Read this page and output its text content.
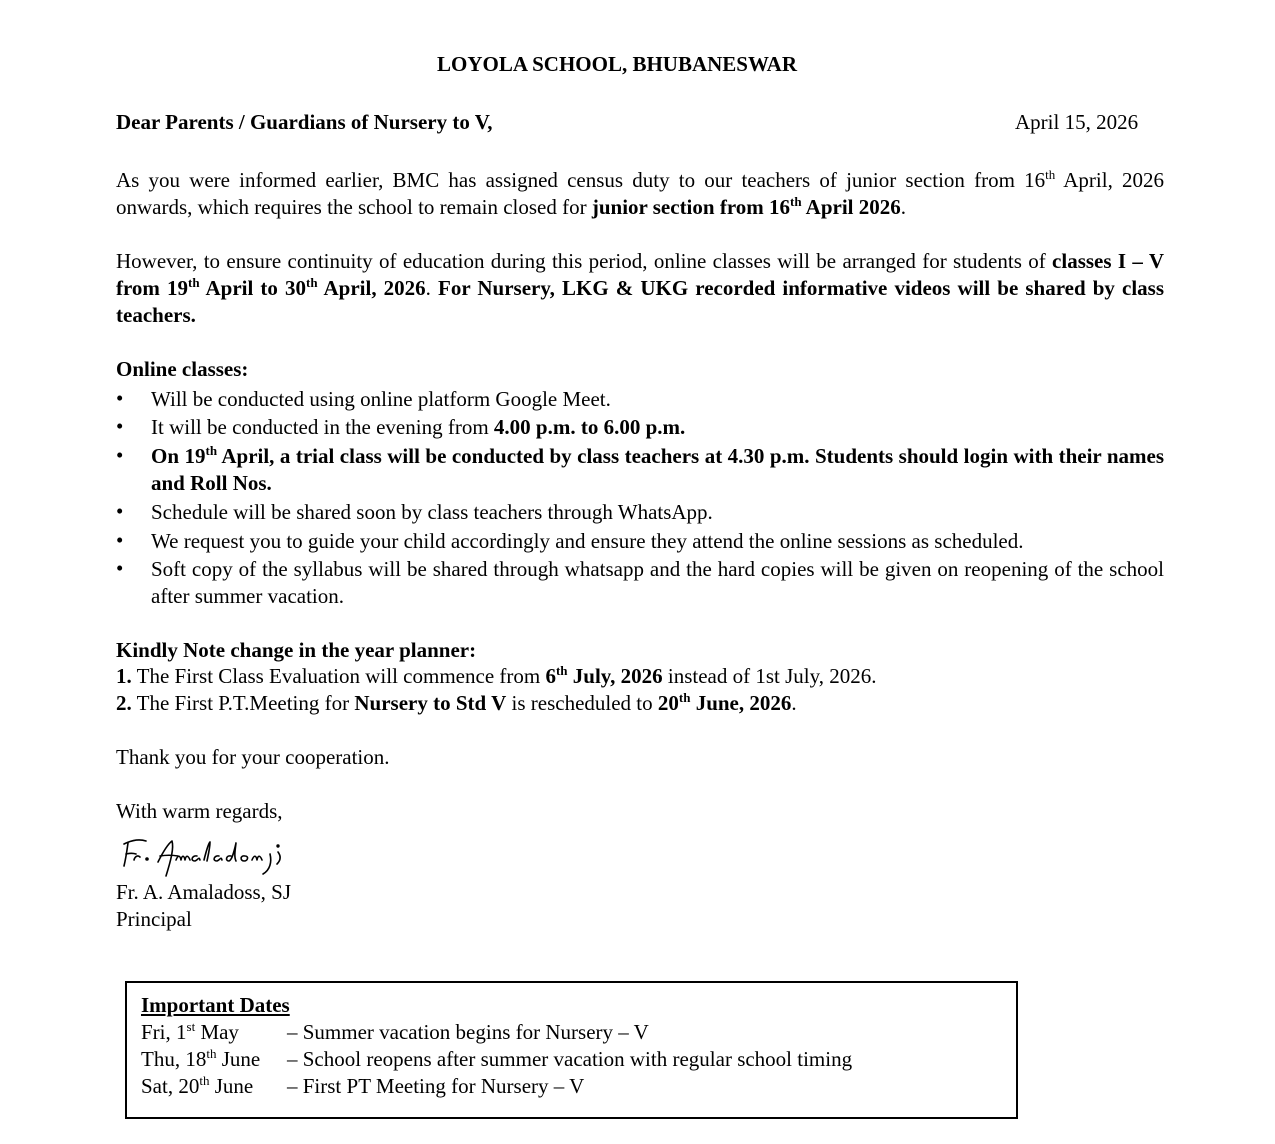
LOYOLA SCHOOL, BHUBANESWAR
Dear Parents / Guardians of Nursery to V,	April 15, 2026
As you were informed earlier, BMC has assigned census duty to our teachers of junior section from 16th April, 2026 onwards, which requires the school to remain closed for junior section from 16th April 2026.
However, to ensure continuity of education during this period, online classes will be arranged for students of classes I – V from 19th April to 30th April, 2026. For Nursery, LKG & UKG recorded informative videos will be shared by class teachers.
Online classes:
• Will be conducted using online platform Google Meet.
• It will be conducted in the evening from 4.00 p.m. to 6.00 p.m.
• On 19th April, a trial class will be conducted by class teachers at 4.30 p.m. Students should login with their names and Roll Nos.
• Schedule will be shared soon by class teachers through WhatsApp.
• We request you to guide your child accordingly and ensure they attend the online sessions as scheduled.
• Soft copy of the syllabus will be shared through whatsapp and the hard copies will be given on reopening of the school after summer vacation.
Kindly Note change in the year planner:
1. The First Class Evaluation will commence from 6th July, 2026 instead of 1st July, 2026.
2. The First P.T.Meeting for Nursery to Std V is rescheduled to 20th June, 2026.
Thank you for your cooperation.
With warm regards,
Fr. A. Amaladoss, SJ
Principal
Important Dates
Fri, 1st May – Summer vacation begins for Nursery – V
Thu, 18th June – School reopens after summer vacation with regular school timing
Sat, 20th June – First PT Meeting for Nursery – V
